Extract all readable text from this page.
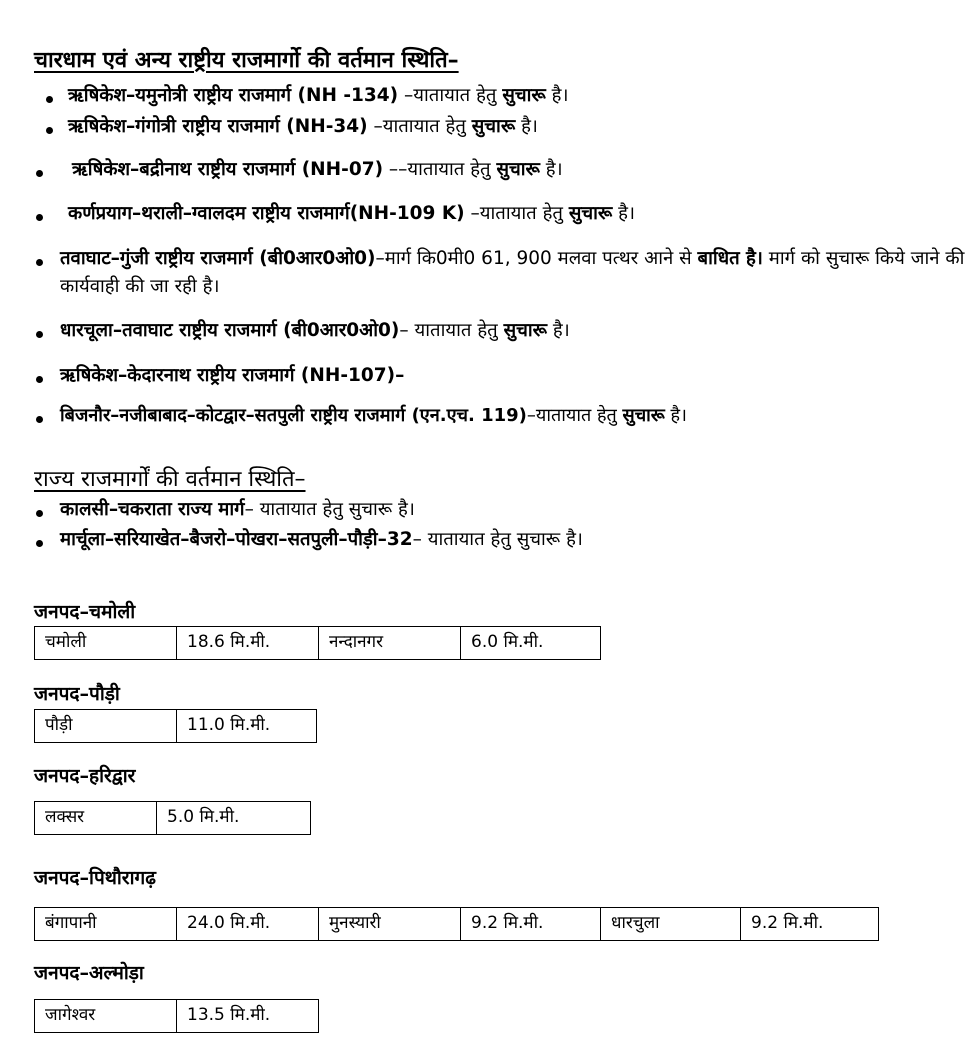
चारधाम एवं अन्य राष्ट्रीय राजमार्गो की वर्तमान स्थिति–
ऋषिकेश–यमुनोत्री राष्ट्रीय राजमार्ग (NH -134) –यातायात हेतु सुचारू है।
ऋषिकेश–गंगोत्री राष्ट्रीय राजमार्ग (NH-34) –यातायात हेतु सुचारू है।
ऋषिकेश–बद्रीनाथ राष्ट्रीय राजमार्ग (NH-07) ––यातायात हेतु सुचारू है।
कर्णप्रयाग–थराली–ग्वालदम राष्ट्रीय राजमार्ग(NH-109 K) –यातायात हेतु सुचारू है।
तवाघाट–गुंजी राष्ट्रीय राजमार्ग (बी0आर0ओ0)–मार्ग कि0मी0 61, 900 मलवा पत्थर आने से बाधित है। मार्ग को सुचारू किये जाने की कार्यवाही की जा रही है।
धारचूला–तवाघाट राष्ट्रीय राजमार्ग (बी0आर0ओ0)– यातायात हेतु सुचारू है।
ऋषिकेश–केदारनाथ राष्ट्रीय राजमार्ग (NH-107)–
बिजनौर–नजीबाबाद–कोटद्वार–सतपुली राष्ट्रीय राजमार्ग (एन.एच. 119)–यातायात हेतु सुचारू है।
राज्य राजमार्गों की वर्तमान स्थिति–
कालसी–चकराता राज्य मार्ग– यातायात हेतु सुचारू है।
मार्चूला–सरियाखेत–बैजरो–पोखरा–सतपुली–पौड़ी–32– यातायात हेतु सुचारू है।
जनपद–चमोली
चमोली	18.6 मि.मी.	नन्दानगर	6.0 मि.मी.
जनपद–पौड़ी
पौड़ी	11.0 मि.मी.
जनपद–हरिद्वार
लक्सर	5.0 मि.मी.
जनपद–पिथौरागढ़
बंगापानी	24.0 मि.मी.	मुनस्यारी	9.2 मि.मी.	धारचुला	9.2 मि.मी.
जनपद–अल्मोड़ा
जागेश्वर	13.5 मि.मी.
